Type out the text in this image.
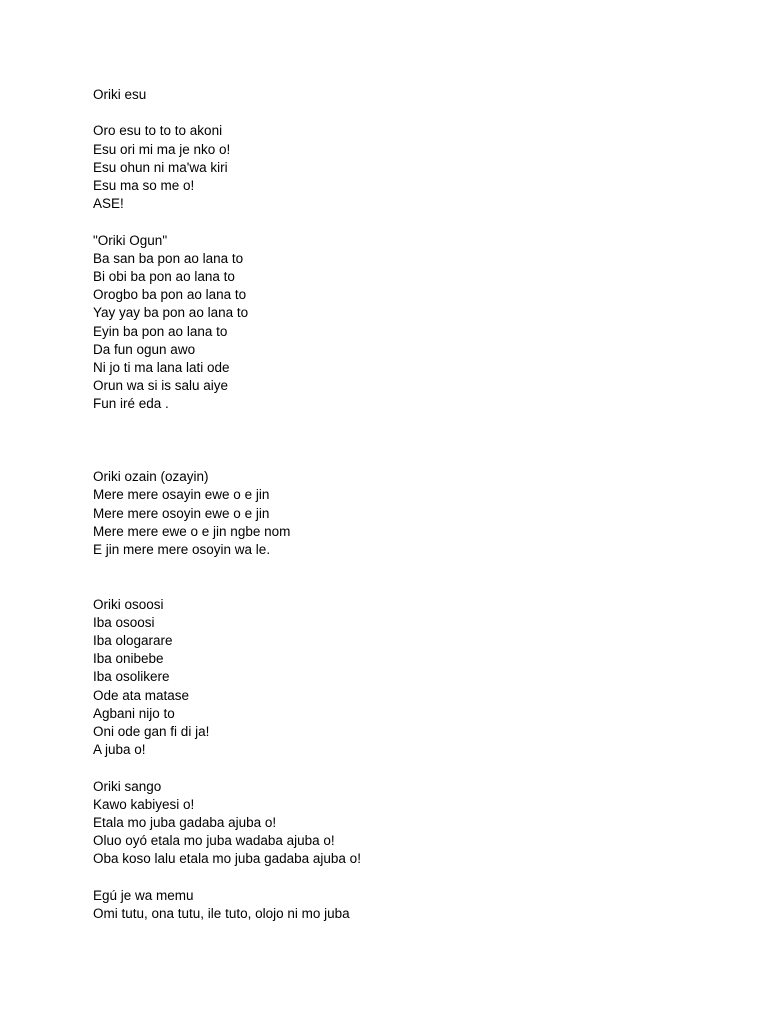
Oriki esu
Oro esu to to to akoni
Esu ori mi ma je nko o!
Esu ohun ni ma'wa kiri
Esu ma so me o!
ASE!
"Oriki Ogun"
Ba san ba pon ao lana to
Bi obi ba pon ao lana to
Orogbo ba pon ao lana to
Yay yay ba pon ao lana to
Eyin ba pon ao lana to
Da fun ogun awo
Ni jo ti ma lana lati ode
Orun wa si is salu aiye
Fun iré eda .
Oriki ozain (ozayin)
Mere mere osayin ewe o e jin
Mere mere osoyin ewe o e jin
Mere mere ewe o e jin ngbe nom
E jin mere mere osoyin wa le.
Oriki osoosi
Iba osoosi
Iba ologarare
Iba onibebe
Iba osolikere
Ode ata matase
Agbani nijo to
Oni ode gan fi di ja!
A juba o!
Oriki sango
Kawo kabiyesi o!
Etala mo juba gadaba ajuba o!
Oluo oyó etala mo juba wadaba ajuba o!
Oba koso lalu etala mo juba gadaba ajuba o!
Egú je wa memu
Omi tutu, ona tutu, ile tuto, olojo ni mo juba
